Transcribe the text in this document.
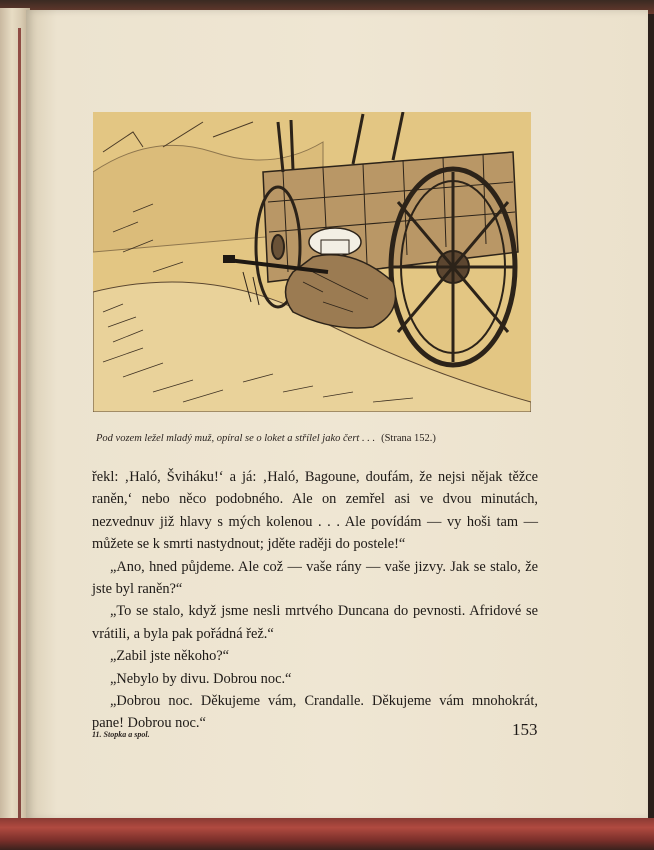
Pod vozem ležel mladý muž, opíral se o loket a střílel jako čert . . . (Strana 152.)

řekl: ‚Haló, Šviháku!‘ a já: ‚Haló, Bagoune, doufám, že nejsi nějak těžce raněn,‘ nebo něco podobného. Ale on zemřel asi ve dvou minutách, nezvednuv již hlavy s mých kolenou . . . Ale povídám — vy hoši tam — můžete se k smrti nastydnout; jděte raději do postele!“

„Ano, hned půjdeme. Ale což — vaše rány — vaše jizvy. Jak se stalo, že jste byl raněn?“

„To se stalo, když jsme nesli mrtvého Duncana do pevnosti. Afridové se vrátili, a byla pak pořádná řež.“

„Zabil jste někoho?“

„Nebylo by divu. Dobrou noc.“

„Dobrou noc. Děkujeme vám, Crandalle. Děkujeme vám mnohokrát, pane! Dobrou noc.“

11. Stopka a spol.	153
